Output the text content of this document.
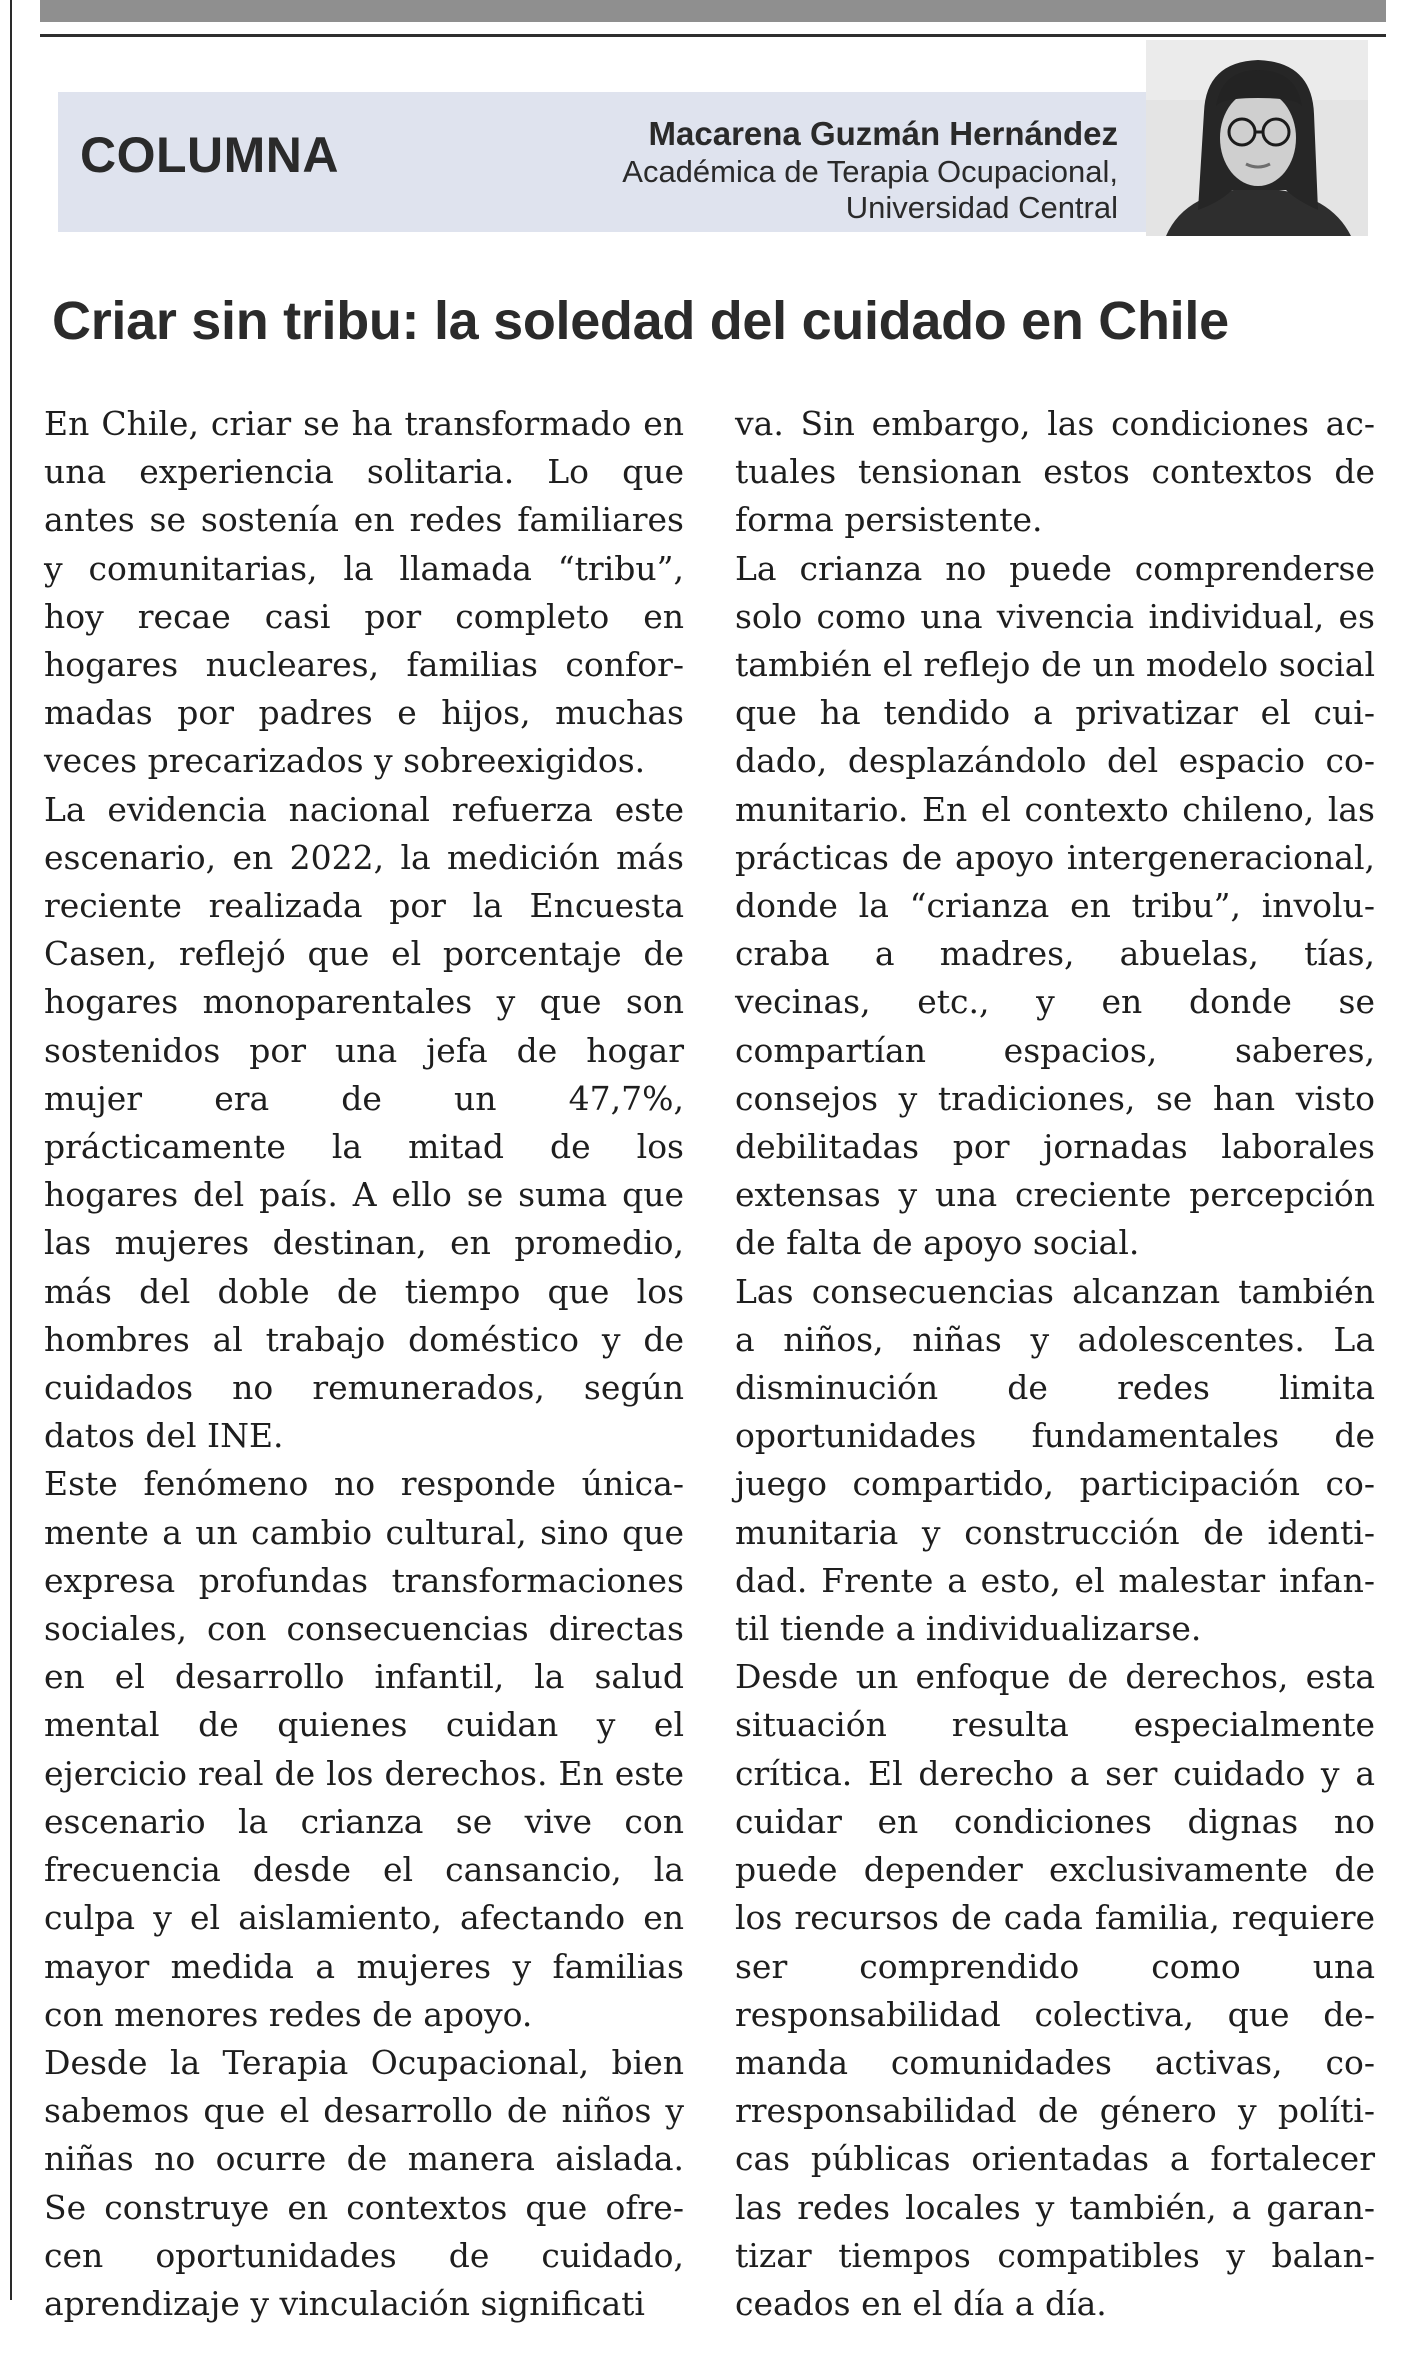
COLUMNA	Macarena Guzmán Hernández
Académica de Terapia Ocupacional,
Universidad Central
Criar sin tribu: la soledad del cuidado en Chile

En Chile, criar se ha transformado en una experiencia solitaria. Lo que antes se sostenía en redes familiares y comunitarias, la llamada “tribu”, hoy recae casi por completo en hogares nucleares, familias conformadas por padres e hijos, muchas veces precarizados y sobreexigidos.

La evidencia nacional refuerza este escenario, en 2022, la medición más reciente realizada por la Encuesta Casen, reflejó que el porcentaje de hogares monoparentales y que son sostenidos por una jefa de hogar mujer era de un 47,7%, prácticamente la mitad de los hogares del país. A ello se suma que las mujeres destinan, en promedio, más del doble de tiempo que los hombres al trabajo doméstico y de cuidados no remunerados, según datos del INE.

Este fenómeno no responde únicamente a un cambio cultural, sino que expresa profundas transformaciones sociales, con consecuencias directas en el desarrollo infantil, la salud mental de quienes cuidan y el ejercicio real de los derechos. En este escenario la crianza se vive con frecuencia desde el cansancio, la culpa y el aislamiento, afectando en mayor medida a mujeres y familias con menores redes de apoyo.

Desde la Terapia Ocupacional, bien sabemos que el desarrollo de niños y niñas no ocurre de manera aislada. Se construye en contextos que ofrecen oportunidades de cuidado, aprendizaje y vinculación significati

va. Sin embargo, las condiciones actuales tensionan estos contextos de forma persistente.

La crianza no puede comprenderse solo como una vivencia individual, es también el reflejo de un modelo social que ha tendido a privatizar el cuidado, desplazándolo del espacio comunitario. En el contexto chileno, las prácticas de apoyo intergeneracional, donde la “crianza en tribu”, involucraba a madres, abuelas, tías, vecinas, etc., y en donde se compartían espacios, saberes, consejos y tradiciones, se han visto debilitadas por jornadas laborales extensas y una creciente percepción de falta de apoyo social.

Las consecuencias alcanzan también a niños, niñas y adolescentes. La disminución de redes limita oportunidades fundamentales de juego compartido, participación comunitaria y construcción de identidad. Frente a esto, el malestar infantil tiende a individualizarse.

Desde un enfoque de derechos, esta situación resulta especialmente crítica. El derecho a ser cuidado y a cuidar en condiciones dignas no puede depender exclusivamente de los recursos de cada familia, requiere ser comprendido como una responsabilidad colectiva, que demanda comunidades activas, corresponsabilidad de género y políticas públicas orientadas a fortalecer las redes locales y también, a garantizar tiempos compatibles y balanceados en el día a día.
